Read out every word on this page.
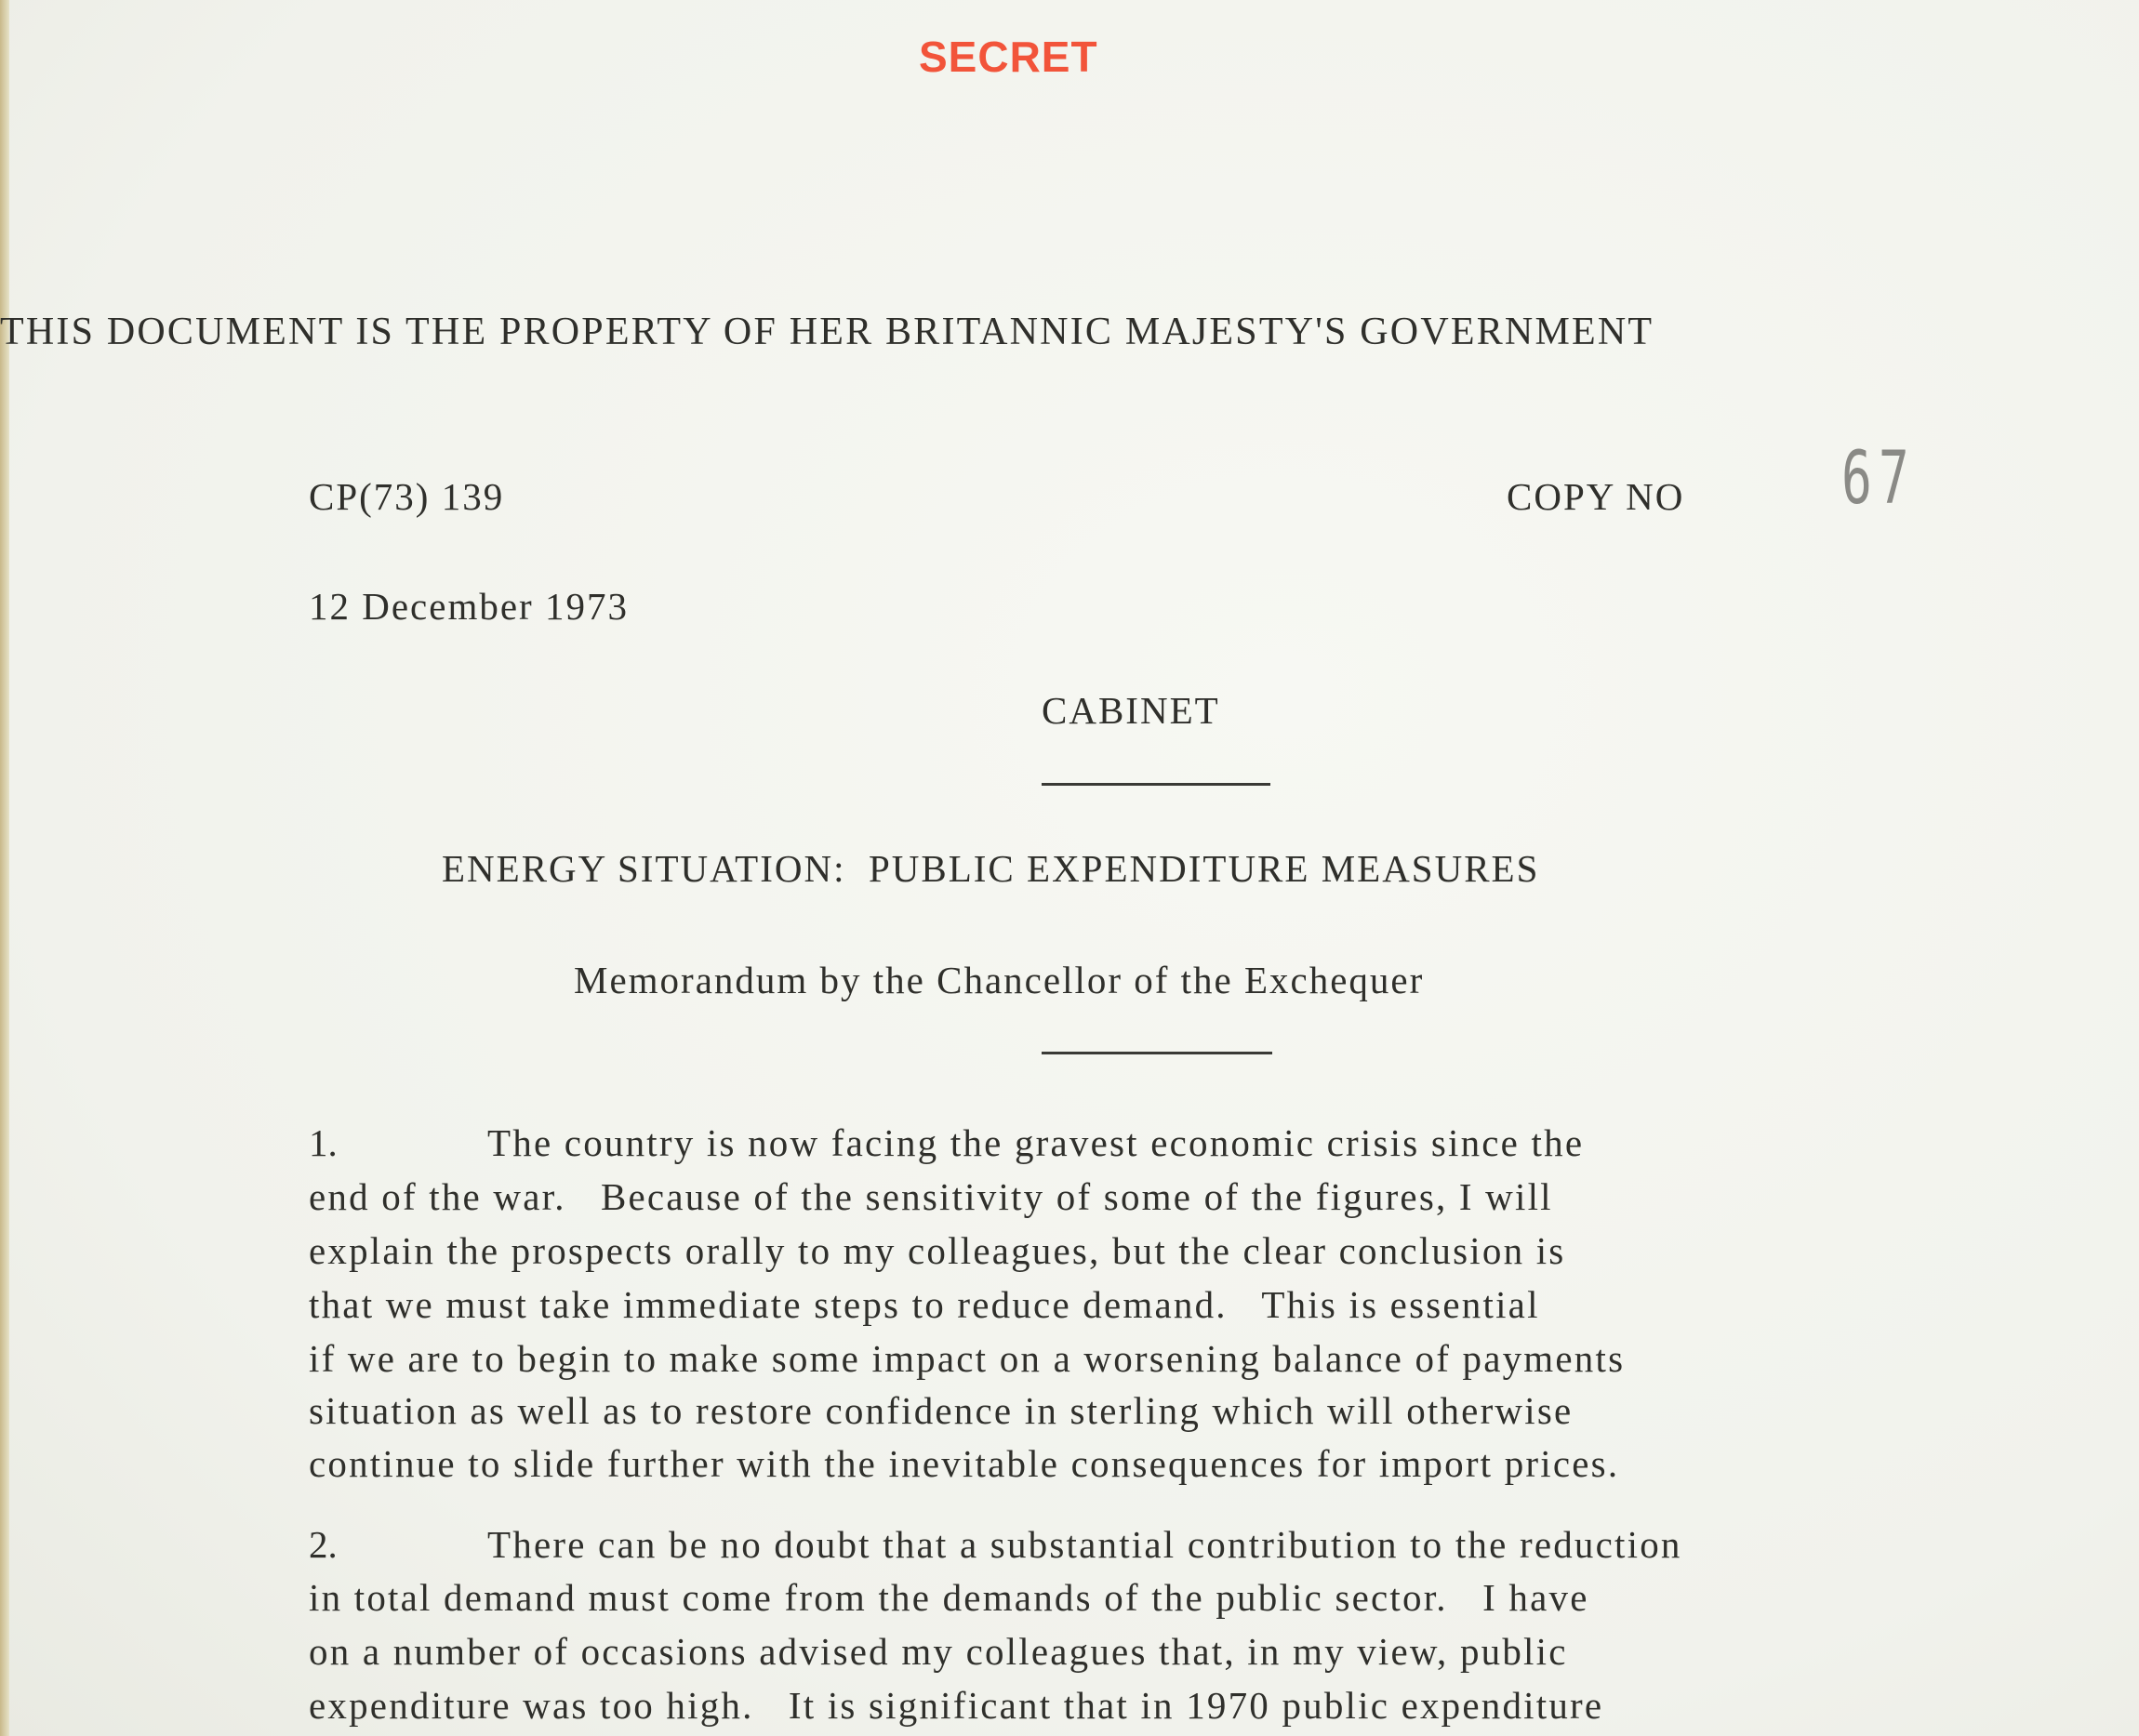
SECRET
THIS DOCUMENT IS THE PROPERTY OF HER BRITANNIC MAJESTY'S GOVERNMENT
CP(73) 139	COPY NO 67
12 December 1973
CABINET
ENERGY SITUATION:  PUBLIC EXPENDITURE MEASURES
Memorandum by the Chancellor of the Exchequer
1.	The country is now facing the gravest economic crisis since the
end of the war.   Because of the sensitivity of some of the figures, I will
explain the prospects orally to my colleagues, but the clear conclusion is
that we must take immediate steps to reduce demand.   This is essential
if we are to begin to make some impact on a worsening balance of payments
situation as well as to restore confidence in sterling which will otherwise
continue to slide further with the inevitable consequences for import prices.
2.	There can be no doubt that a substantial contribution to the reduction
in total demand must come from the demands of the public sector.   I have
on a number of occasions advised my colleagues that, in my view, public
expenditure was too high.   It is significant that in 1970 public expenditure
